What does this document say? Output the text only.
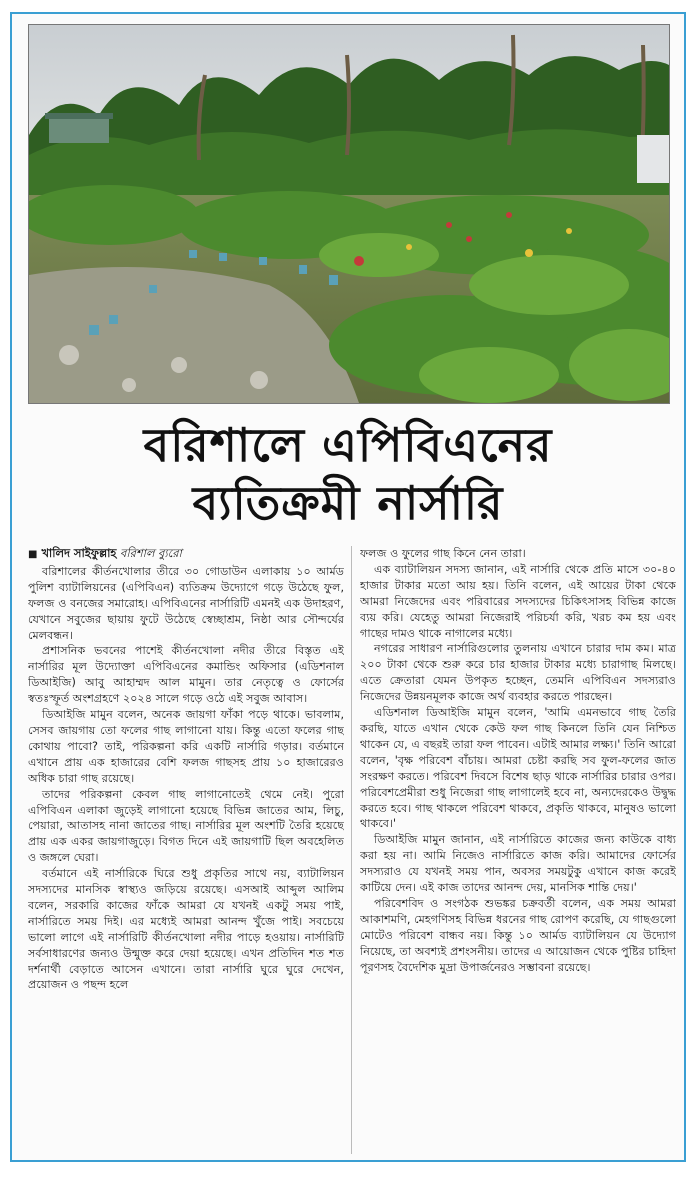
বরিশালে এপিবিএনের
ব্যতিক্রমী নার্সারি
■ খালিদ সাইফুল্লাহ বরিশাল ব্যুরো

বরিশালের কীর্তনখোলার তীরে ৩০ গোডাউন এলাকায় ১০ আর্মড পুলিশ ব্যাটালিয়নের (এপিবিএন) ব্যতিক্রম উদ্যোগে গড়ে উঠেছে ফুল, ফলজ ও বনজের সমারোহ। এপিবিএনের নার্সারিটি এমনই এক উদাহরণ, যেখানে সবুজের ছায়ায় ফুটে উঠেছে স্বেচ্ছাশ্রম, নিষ্ঠা আর সৌন্দর্যের মেলবন্ধন।

প্রশাসনিক ভবনের পাশেই কীর্তনখোলা নদীর তীরে বিস্তৃত এই নার্সারির মূল উদ্যোক্তা এপিবিএনের কমান্ডিং অফিসার (এডিশনাল ডিআইজি) আবু আহাম্মদ আল মামুন। তার নেতৃত্বে ও ফোর্সের স্বতঃস্ফূর্ত অংশগ্রহণে ২০২৪ সালে গড়ে ওঠে এই সবুজ আবাস।

ডিআইজি মামুন বলেন, অনেক জায়গা ফাঁকা পড়ে থাকে। ভাবলাম, সেসব জায়গায় তো ফলের গাছ লাগানো যায়। কিন্তু এতো ফলের গাছ কোথায় পাবো? তাই, পরিকল্পনা করি একটি নার্সারি গড়ার। বর্তমানে এখানে প্রায় এক হাজারের বেশি ফলজ গাছসহ প্রায় ১০ হাজারেরও অধিক চারা গাছ রয়েছে।

তাদের পরিকল্পনা কেবল গাছ লাগানোতেই থেমে নেই। পুরো এপিবিএন এলাকা জুড়েই লাগানো হয়েছে বিভিন্ন জাতের আম, লিচু, পেয়ারা, আতাসহ নানা জাতের গাছ। নার্সারির মূল অংশটি তৈরি হয়েছে প্রায় এক একর জায়গাজুড়ে। বিগত দিনে এই জায়গাটি ছিল অবহেলিত ও জঙ্গলে ঘেরা।

বর্তমানে এই নার্সারিকে ঘিরে শুধু প্রকৃতির সাথে নয়, ব্যাটালিয়ন সদস্যদের মানসিক স্বাস্থ্যও জড়িয়ে রয়েছে। এসআই আব্দুল আলিম বলেন, সরকারি কাজের ফাঁকে আমরা যে যখনই একটু সময় পাই, নার্সারিতে সময় দিই। এর মধ্যেই আমরা আনন্দ খুঁজে পাই। সবচেয়ে ভালো লাগে এই নার্সারিটি কীর্তনখোলা নদীর পাড়ে হওয়ায়। নার্সারিটি সর্বসাধারণের জন্যও উন্মুক্ত করে দেয়া হয়েছে। এখন প্রতিদিন শত শত দর্শনার্থী বেড়াতে আসেন এখানে। তারা নার্সারি ঘুরে ঘুরে দেখেন, প্রয়োজন ও পছন্দ হলে

ফলজ ও ফুলের গাছ কিনে নেন তারা।

এক ব্যাটালিয়ন সদস্য জানান, এই নার্সারি থেকে প্রতি মাসে ৩০-৪০ হাজার টাকার মতো আয় হয়। তিনি বলেন, এই আয়ের টাকা থেকে আমরা নিজেদের এবং পরিবারের সদস্যদের চিকিৎসাসহ বিভিন্ন কাজে ব্যয় করি। যেহেতু আমরা নিজেরাই পরিচর্যা করি, খরচ কম হয় এবং গাছের দামও থাকে নাগালের মধ্যে।

নগরের সাধারণ নার্সারিগুলোর তুলনায় এখানে চারার দাম কম। মাত্র ২০০ টাকা থেকে শুরু করে চার হাজার টাকার মধ্যে চারাগাছ মিলছে। এতে ক্রেতারা যেমন উপকৃত হচ্ছেন, তেমনি এপিবিএন সদস্যরাও নিজেদের উন্নয়নমূলক কাজে অর্থ ব্যবহার করতে পারছেন।

এডিশনাল ডিআইজি মামুন বলেন, 'আমি এমনভাবে গাছ তৈরি করছি, যাতে এখান থেকে কেউ ফল গাছ কিনলে তিনি যেন নিশ্চিত থাকেন যে, এ বছরই তারা ফল পাবেন। এটাই আমার লক্ষ্য।' তিনি আরো বলেন, 'বৃক্ষ পরিবেশ বাঁচায়। আমরা চেষ্টা করছি সব ফুল-ফলের জাত সংরক্ষণ করতে। পরিবেশ দিবসে বিশেষ ছাড় থাকে নার্সারির চারার ওপর। পরিবেশপ্রেমীরা শুধু নিজেরা গাছ লাগালেই হবে না, অন্যদেরকেও উদ্বুদ্ধ করতে হবে। গাছ থাকলে পরিবেশ থাকবে, প্রকৃতি থাকবে, মানুষও ভালো থাকবে।'

ডিআইজি মামুন জানান, এই নার্সারিতে কাজের জন্য কাউকে বাধ্য করা হয় না। আমি নিজেও নার্সারিতে কাজ করি। আমাদের ফোর্সের সদস্যরাও যে যখনই সময় পান, অবসর সময়টুকু এখানে কাজ করেই কাটিয়ে দেন। এই কাজ তাদের আনন্দ দেয়, মানসিক শান্তি দেয়।'

পরিবেশবিদ ও সংগঠক শুভঙ্কর চক্রবর্তী বলেন, এক সময় আমরা আকাশমণি, মেহগণিসহ বিভিন্ন ধরনের গাছ রোপণ করেছি, যে গাছগুলো মোটেও পরিবেশ বান্ধব নয়। কিন্তু ১০ আর্মড ব্যাটালিয়ন যে উদ্যোগ নিয়েছে, তা অবশ্যই প্রশংসনীয়। তাদের এ আয়োজন থেকে পুষ্টির চাহিদা পূরণসহ বৈদেশিক মুদ্রা উপার্জনেরও সম্ভাবনা রয়েছে।
